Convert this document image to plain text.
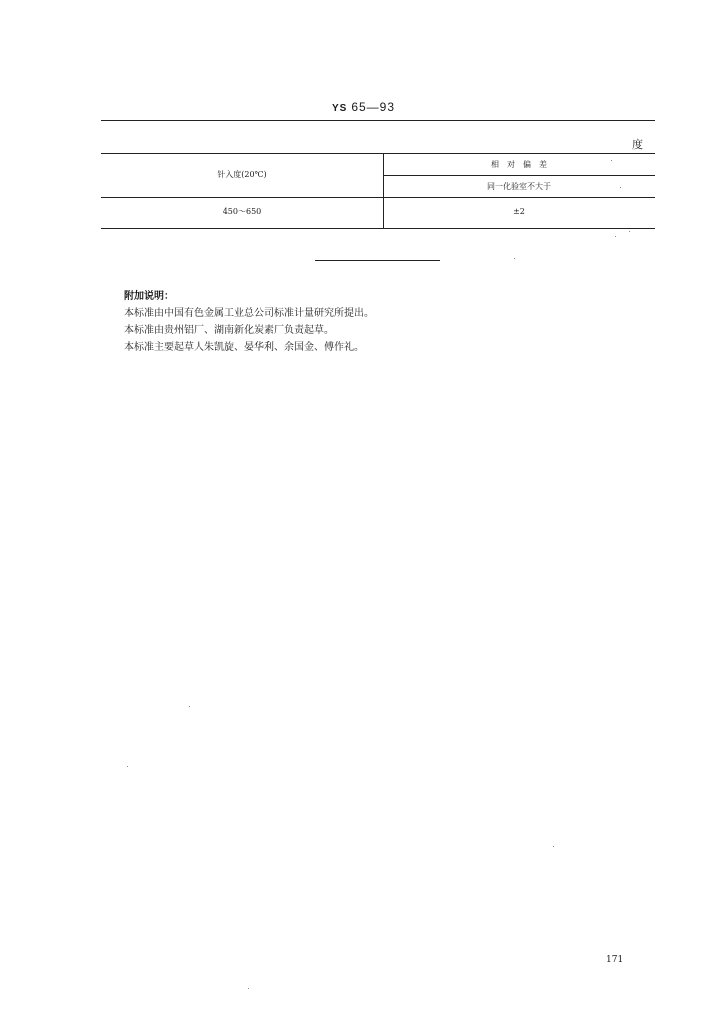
YS 65—93
度
针入度(20℃)
相　对　偏　差
同一化验室不大于
450～650	±2
附加说明：
本标准由中国有色金属工业总公司标准计量研究所提出。
本标准由贵州铝厂、湖南新化炭素厂负责起草。
本标准主要起草人朱凯旋、晏华利、余国金、傅作礼。
171
